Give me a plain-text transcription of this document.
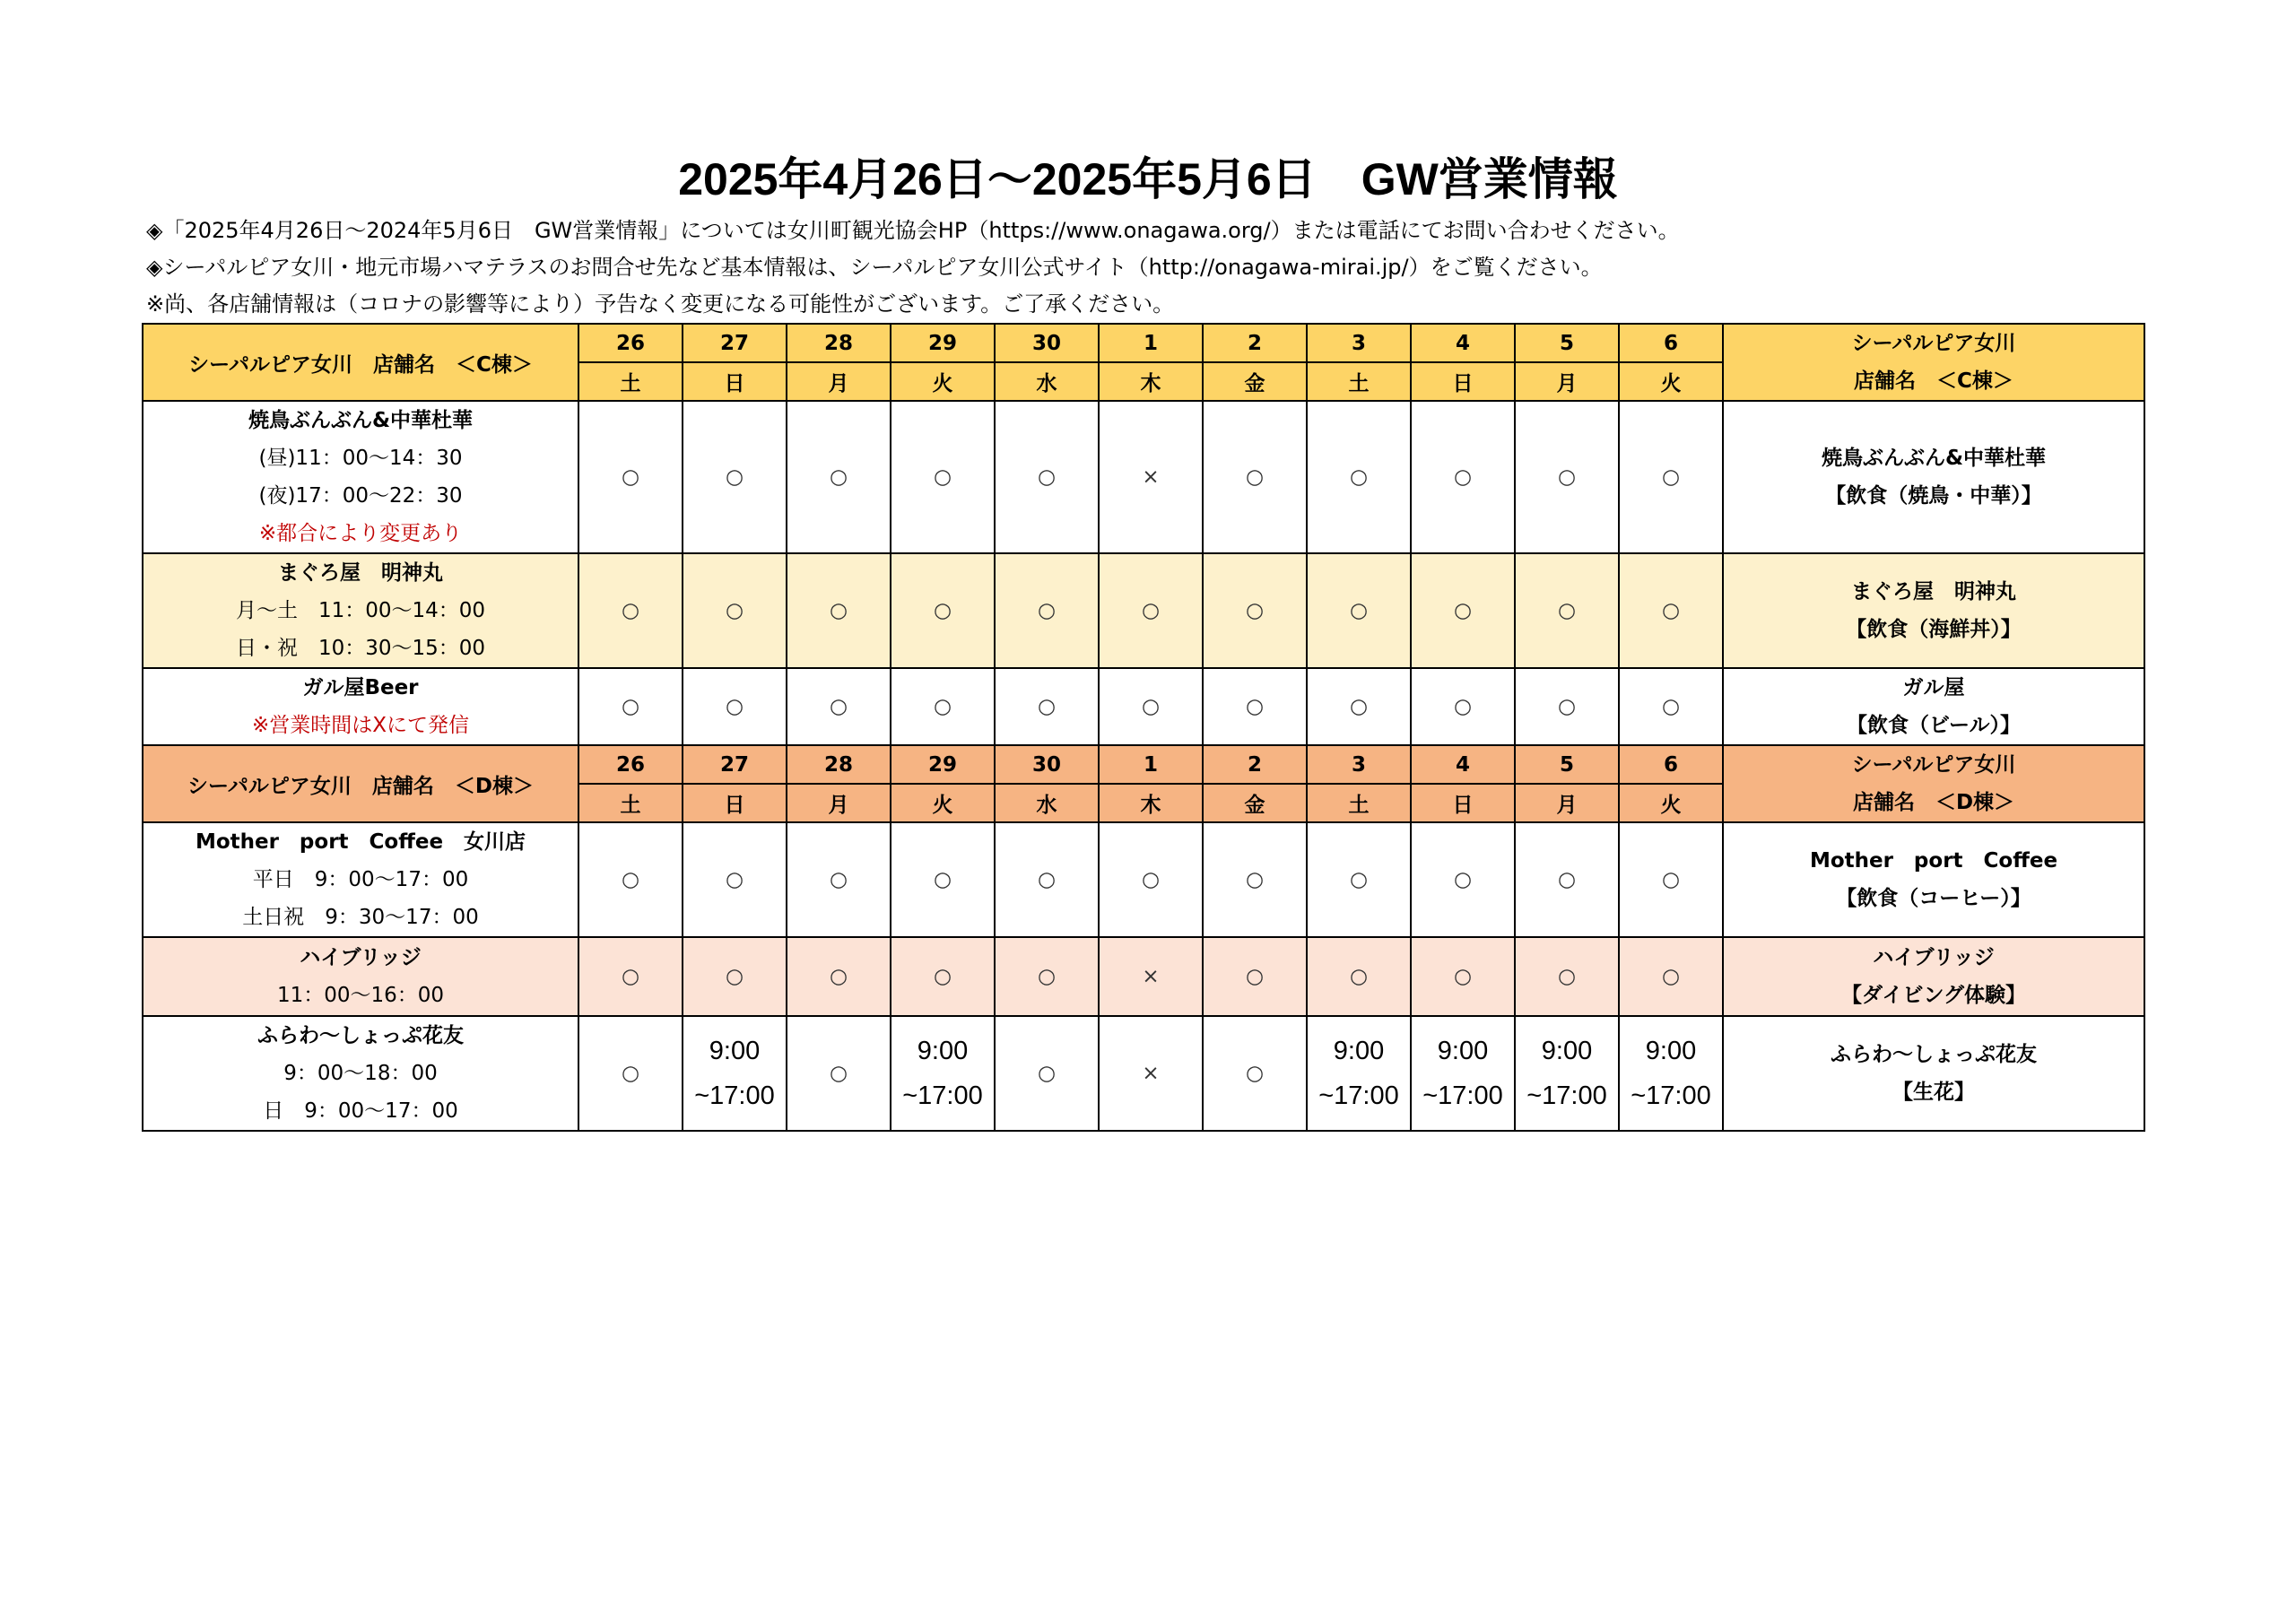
2025年4月26日～2025年5月6日　GW営業情報
◈「2025年4月26日～2024年5月6日　GW営業情報」については女川町観光協会HP（https://www.onagawa.org/）または電話にてお問い合わせください。
◈シーパルピア女川・地元市場ハマテラスのお問合せ先など基本情報は、シーパルピア女川公式サイト（http://onagawa-mirai.jp/）をご覧ください。
※尚、各店舗情報は（コロナの影響等により）予告なく変更になる可能性がございます。ご了承ください。
シーパルピア女川　店舗名　＜C棟＞	26	27	28	29	30	1	2	3	4	5	6	シーパルピア女川
店舗名　＜C棟＞

	土	日	月	火	水	木	金	土	日	月	火	

焼鳥ぶんぶん&中華杜華
(昼)11：00～14：30
(夜)17：00～22：30
※都合により変更あり	○	○	○	○	○	×	○	○	○	○	○	焼鳥ぶんぶん&中華杜華
【飲食（焼鳥・中華）】

まぐろ屋　明神丸
月～土　11：00～14：00
日・祝　10：30～15：00	○	○	○	○	○	○	○	○	○	○	○	まぐろ屋　明神丸
【飲食（海鮮丼）】

ガル屋Beer
※営業時間はXにて発信	○	○	○	○	○	○	○	○	○	○	○	ガル屋
【飲食（ビール）】

シーパルピア女川　店舗名　＜D棟＞	26	27	28	29	30	1	2	3	4	5	6	シーパルピア女川
店舗名　＜D棟＞

	土	日	月	火	水	木	金	土	日	月	火	

Mother　port　Coffee　女川店
平日　9：00～17：00
土日祝　9：30～17：00	○	○	○	○	○	○	○	○	○	○	○	Mother　port　Coffee
【飲食（コーヒー）】

ハイブリッジ
11：00～16：00	○	○	○	○	○	×	○	○	○	○	○	ハイブリッジ
【ダイビング体験】

ふらわ～しょっぷ花友
9：00～18：00
日　9：00～17：00	○	9:00
~17:00	○	9:00
~17:00	○	×	○	9:00
~17:00	9:00
~17:00	9:00
~17:00	9:00
~17:00	ふらわ～しょっぷ花友
【生花】
